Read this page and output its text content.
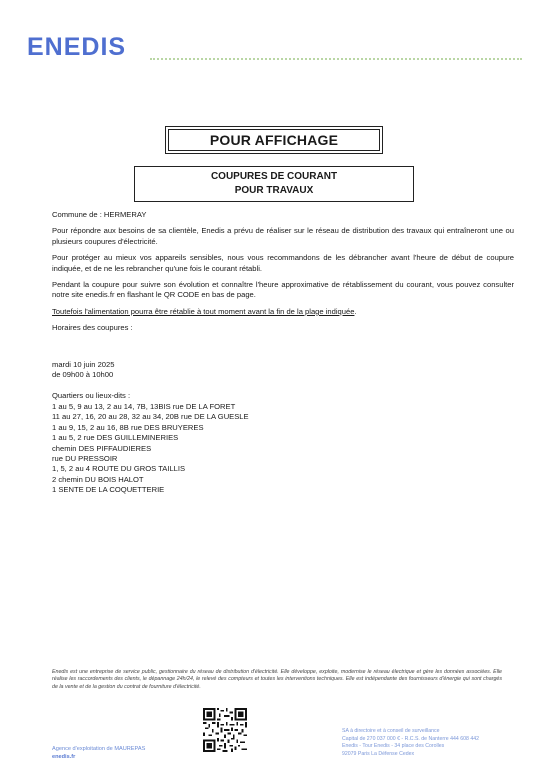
ENEDIS
POUR AFFICHAGE
COUPURES DE COURANT
POUR TRAVAUX

Commune de : HERMERAY

Pour répondre aux besoins de sa clientèle, Enedis a prévu de réaliser sur le réseau de distribution des travaux qui entraîneront une ou plusieurs coupures d'électricité.

Pour protéger au mieux vos appareils sensibles, nous vous recommandons de les débrancher avant l'heure de début de coupure indiquée, et de ne les rebrancher qu'une fois le courant rétabli.

Pendant la coupure pour suivre son évolution et connaître l'heure approximative de rétablissement du courant, vous pouvez consulter notre site enedis.fr en flashant le QR CODE en bas de page.

Toutefois l'alimentation pourra être rétablie à tout moment avant la fin de la plage indiquée.

Horaires des coupures :

mardi 10 juin 2025
de 09h00 à 10h00
Quartiers ou lieux-dits :
1 au 5, 9 au 13, 2 au 14, 7B, 13BIS rue DE LA FORET
11 au 27, 16, 20 au 28, 32 au 34, 20B rue DE LA GUESLE
1 au 9, 15, 2 au 16, 8B rue DES BRUYERES
1 au 5, 2 rue DES GUILLEMINERIES
chemin DES PIFFAUDIERES
rue DU PRESSOIR
1, 5, 2 au 4 ROUTE DU GROS TAILLIS
2 chemin DU BOIS HALOT
1 SENTE DE LA COQUETTERIE
Enedis est une entreprise de service public, gestionnaire du réseau de distribution d'électricité. Elle développe, exploite, modernise le réseau électrique et gère les données associées. Elle réalise les raccordements des clients, le dépannage 24h/24, le relevé des compteurs et toutes les interventions techniques. Elle est indépendante des fournisseurs d'énergie qui sont chargés de la vente et de la gestion du contrat de fourniture d'électricité.
Agence d'exploitation de MAUREPAS
enedis.fr
SA à directoire et à conseil de surveillance
Capital de 270 037 000 € - R.C.S. de Nanterre 444 608 442
Enedis - Tour Enedis - 34 place des Corolles
92079 Paris La Défense Cedex
